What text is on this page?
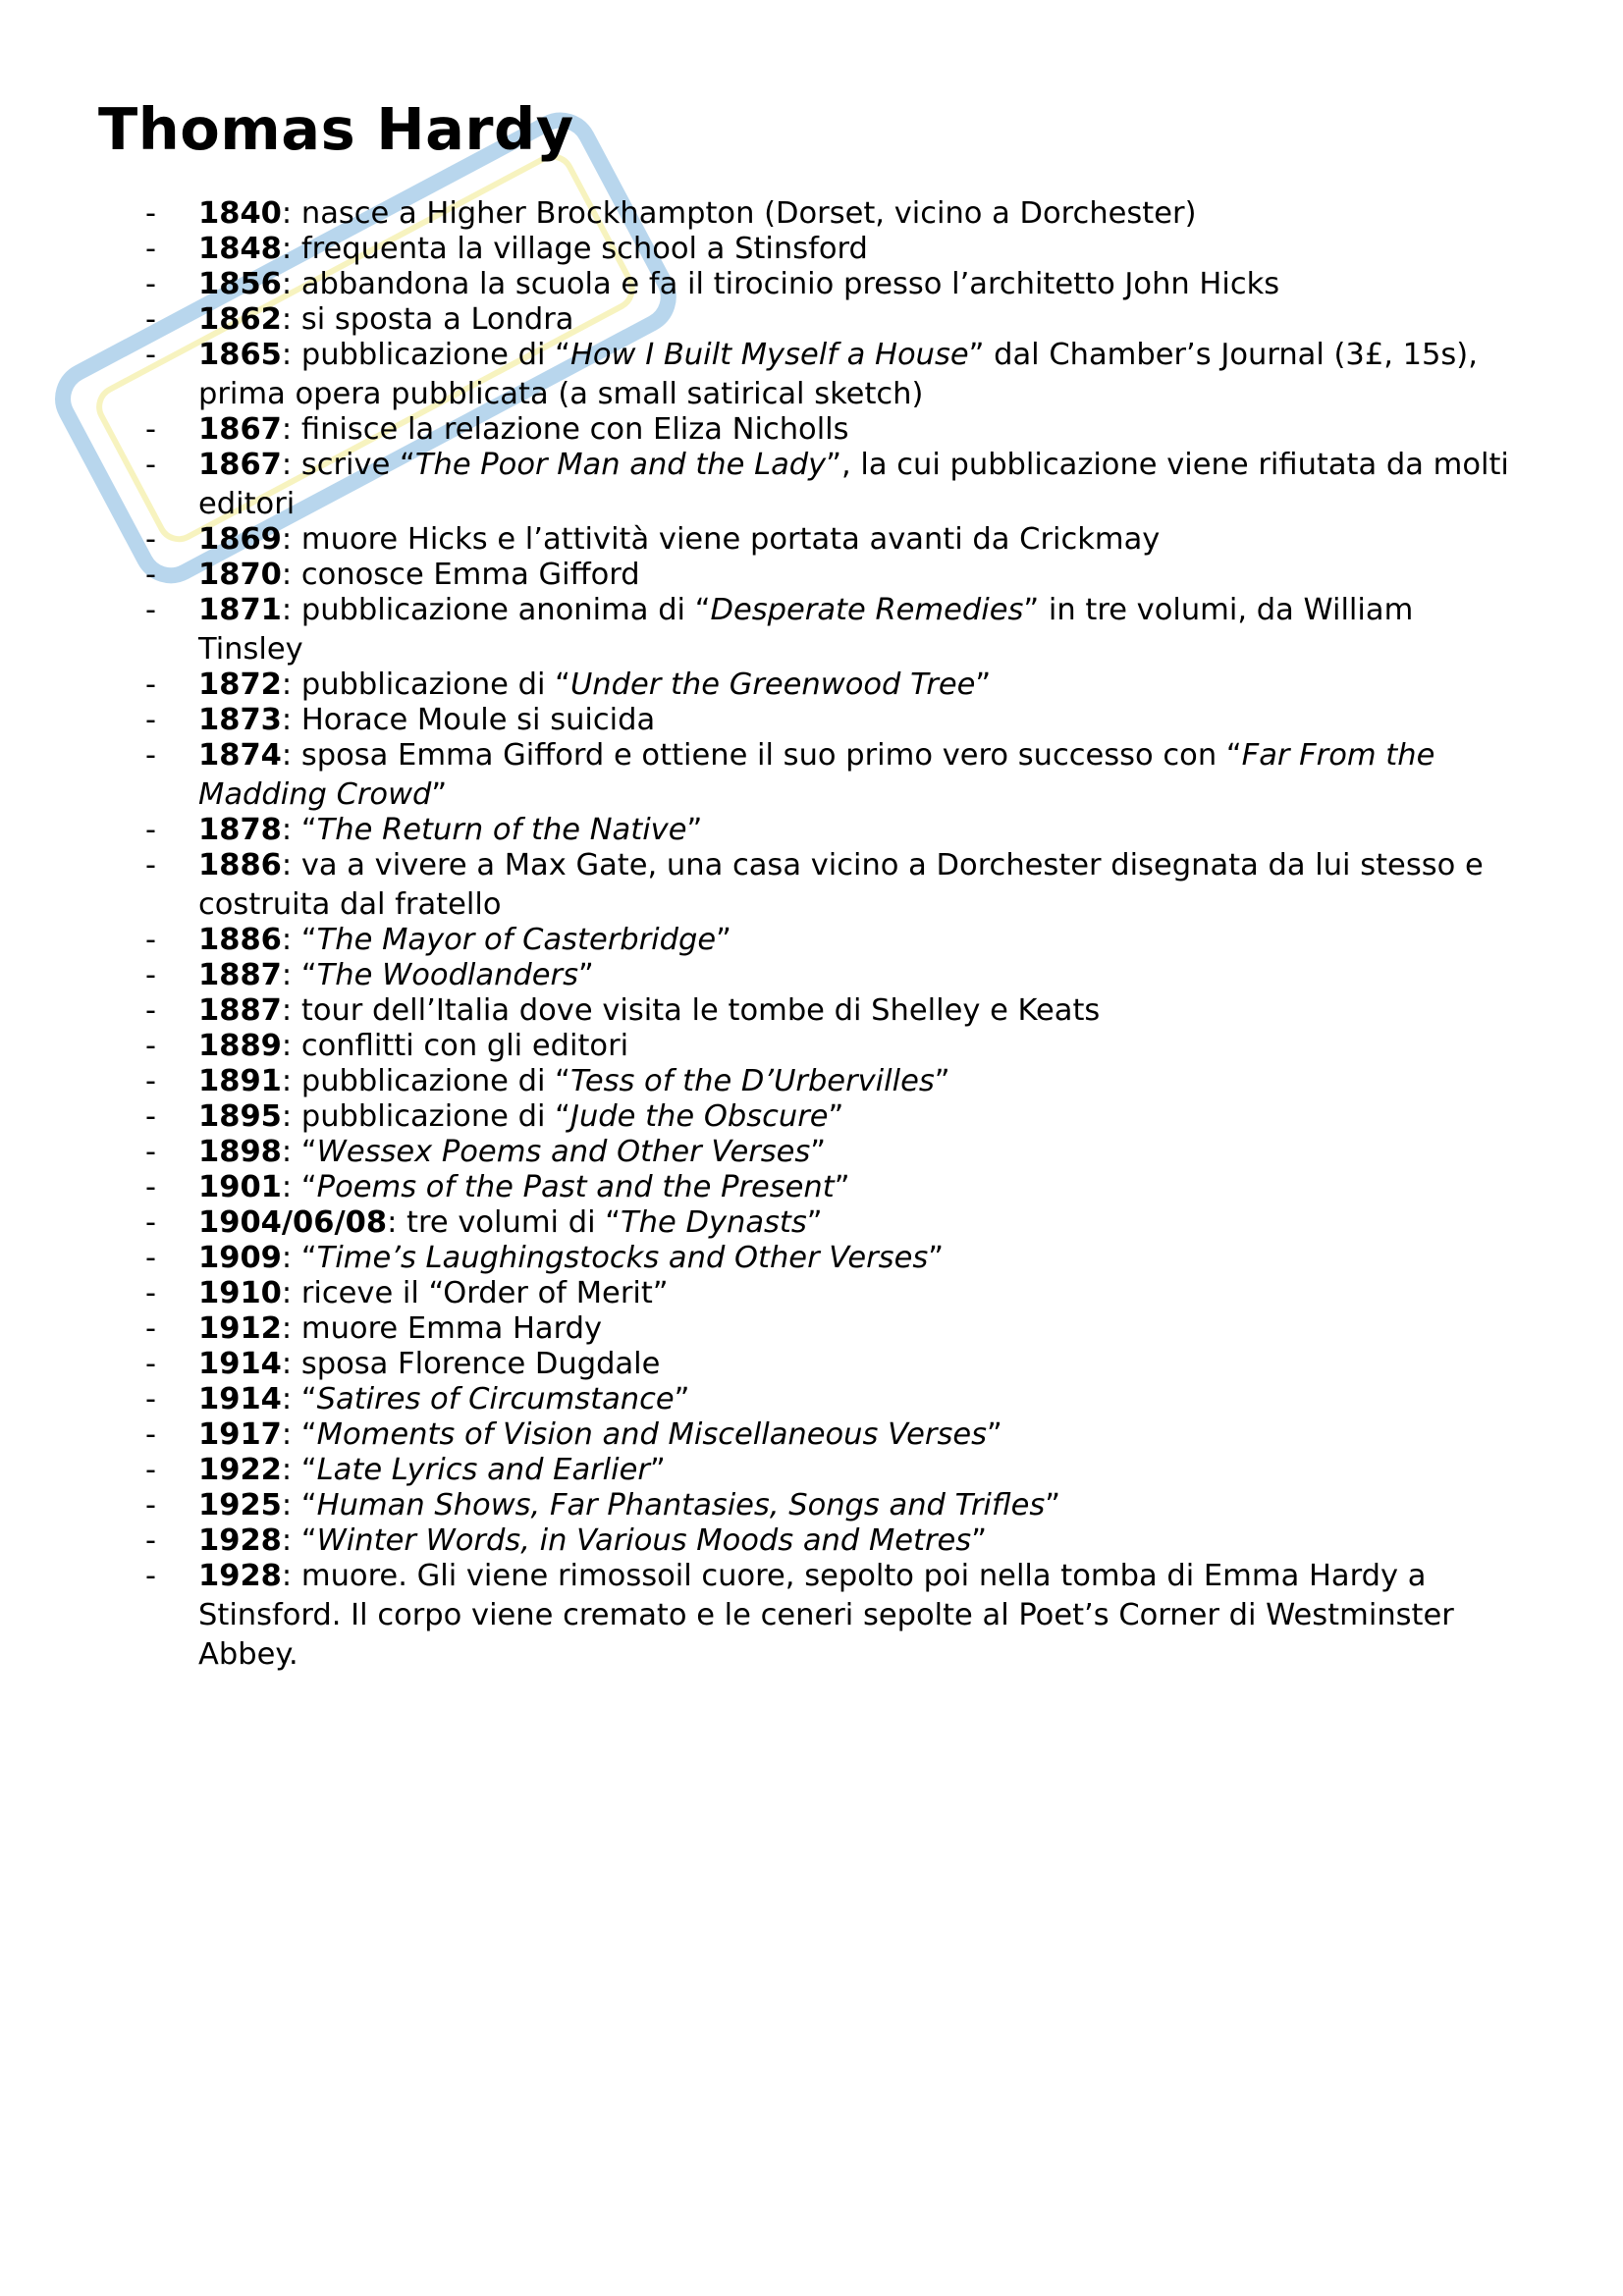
Thomas Hardy
- 1840: nasce a Higher Brockhampton (Dorset, vicino a Dorchester)
- 1848: frequenta la village school a Stinsford
- 1856: abbandona la scuola e fa il tirocinio presso l’architetto John Hicks
- 1862: si sposta a Londra
- 1865: pubblicazione di “How I Built Myself a House” dal Chamber’s Journal (3£, 15s), prima opera pubblicata (a small satirical sketch)
- 1867: finisce la relazione con Eliza Nicholls
- 1867: scrive “The Poor Man and the Lady”, la cui pubblicazione viene rifiutata da molti editori
- 1869: muore Hicks e l’attività viene portata avanti da Crickmay
- 1870: conosce Emma Gifford
- 1871: pubblicazione anonima di “Desperate Remedies” in tre volumi, da William Tinsley
- 1872: pubblicazione di “Under the Greenwood Tree”
- 1873: Horace Moule si suicida
- 1874: sposa Emma Gifford e ottiene il suo primo vero successo con “Far From the Madding Crowd”
- 1878: “The Return of the Native”
- 1886: va a vivere a Max Gate, una casa vicino a Dorchester disegnata da lui stesso e costruita dal fratello
- 1886: “The Mayor of Casterbridge”
- 1887: “The Woodlanders”
- 1887: tour dell’Italia dove visita le tombe di Shelley e Keats
- 1889: conflitti con gli editori
- 1891: pubblicazione di “Tess of the D’Urbervilles”
- 1895: pubblicazione di “Jude the Obscure”
- 1898: “Wessex Poems and Other Verses”
- 1901: “Poems of the Past and the Present”
- 1904/06/08: tre volumi di “The Dynasts”
- 1909: “Time’s Laughingstocks and Other Verses”
- 1910: riceve il “Order of Merit”
- 1912: muore Emma Hardy
- 1914: sposa Florence Dugdale
- 1914: “Satires of Circumstance”
- 1917: “Moments of Vision and Miscellaneous Verses”
- 1922: “Late Lyrics and Earlier”
- 1925: “Human Shows, Far Phantasies, Songs and Trifles”
- 1928: “Winter Words, in Various Moods and Metres”
- 1928: muore. Gli viene rimossoil cuore, sepolto poi nella tomba di Emma Hardy a Stinsford. Il corpo viene cremato e le ceneri sepolte al Poet’s Corner di Westminster Abbey.
